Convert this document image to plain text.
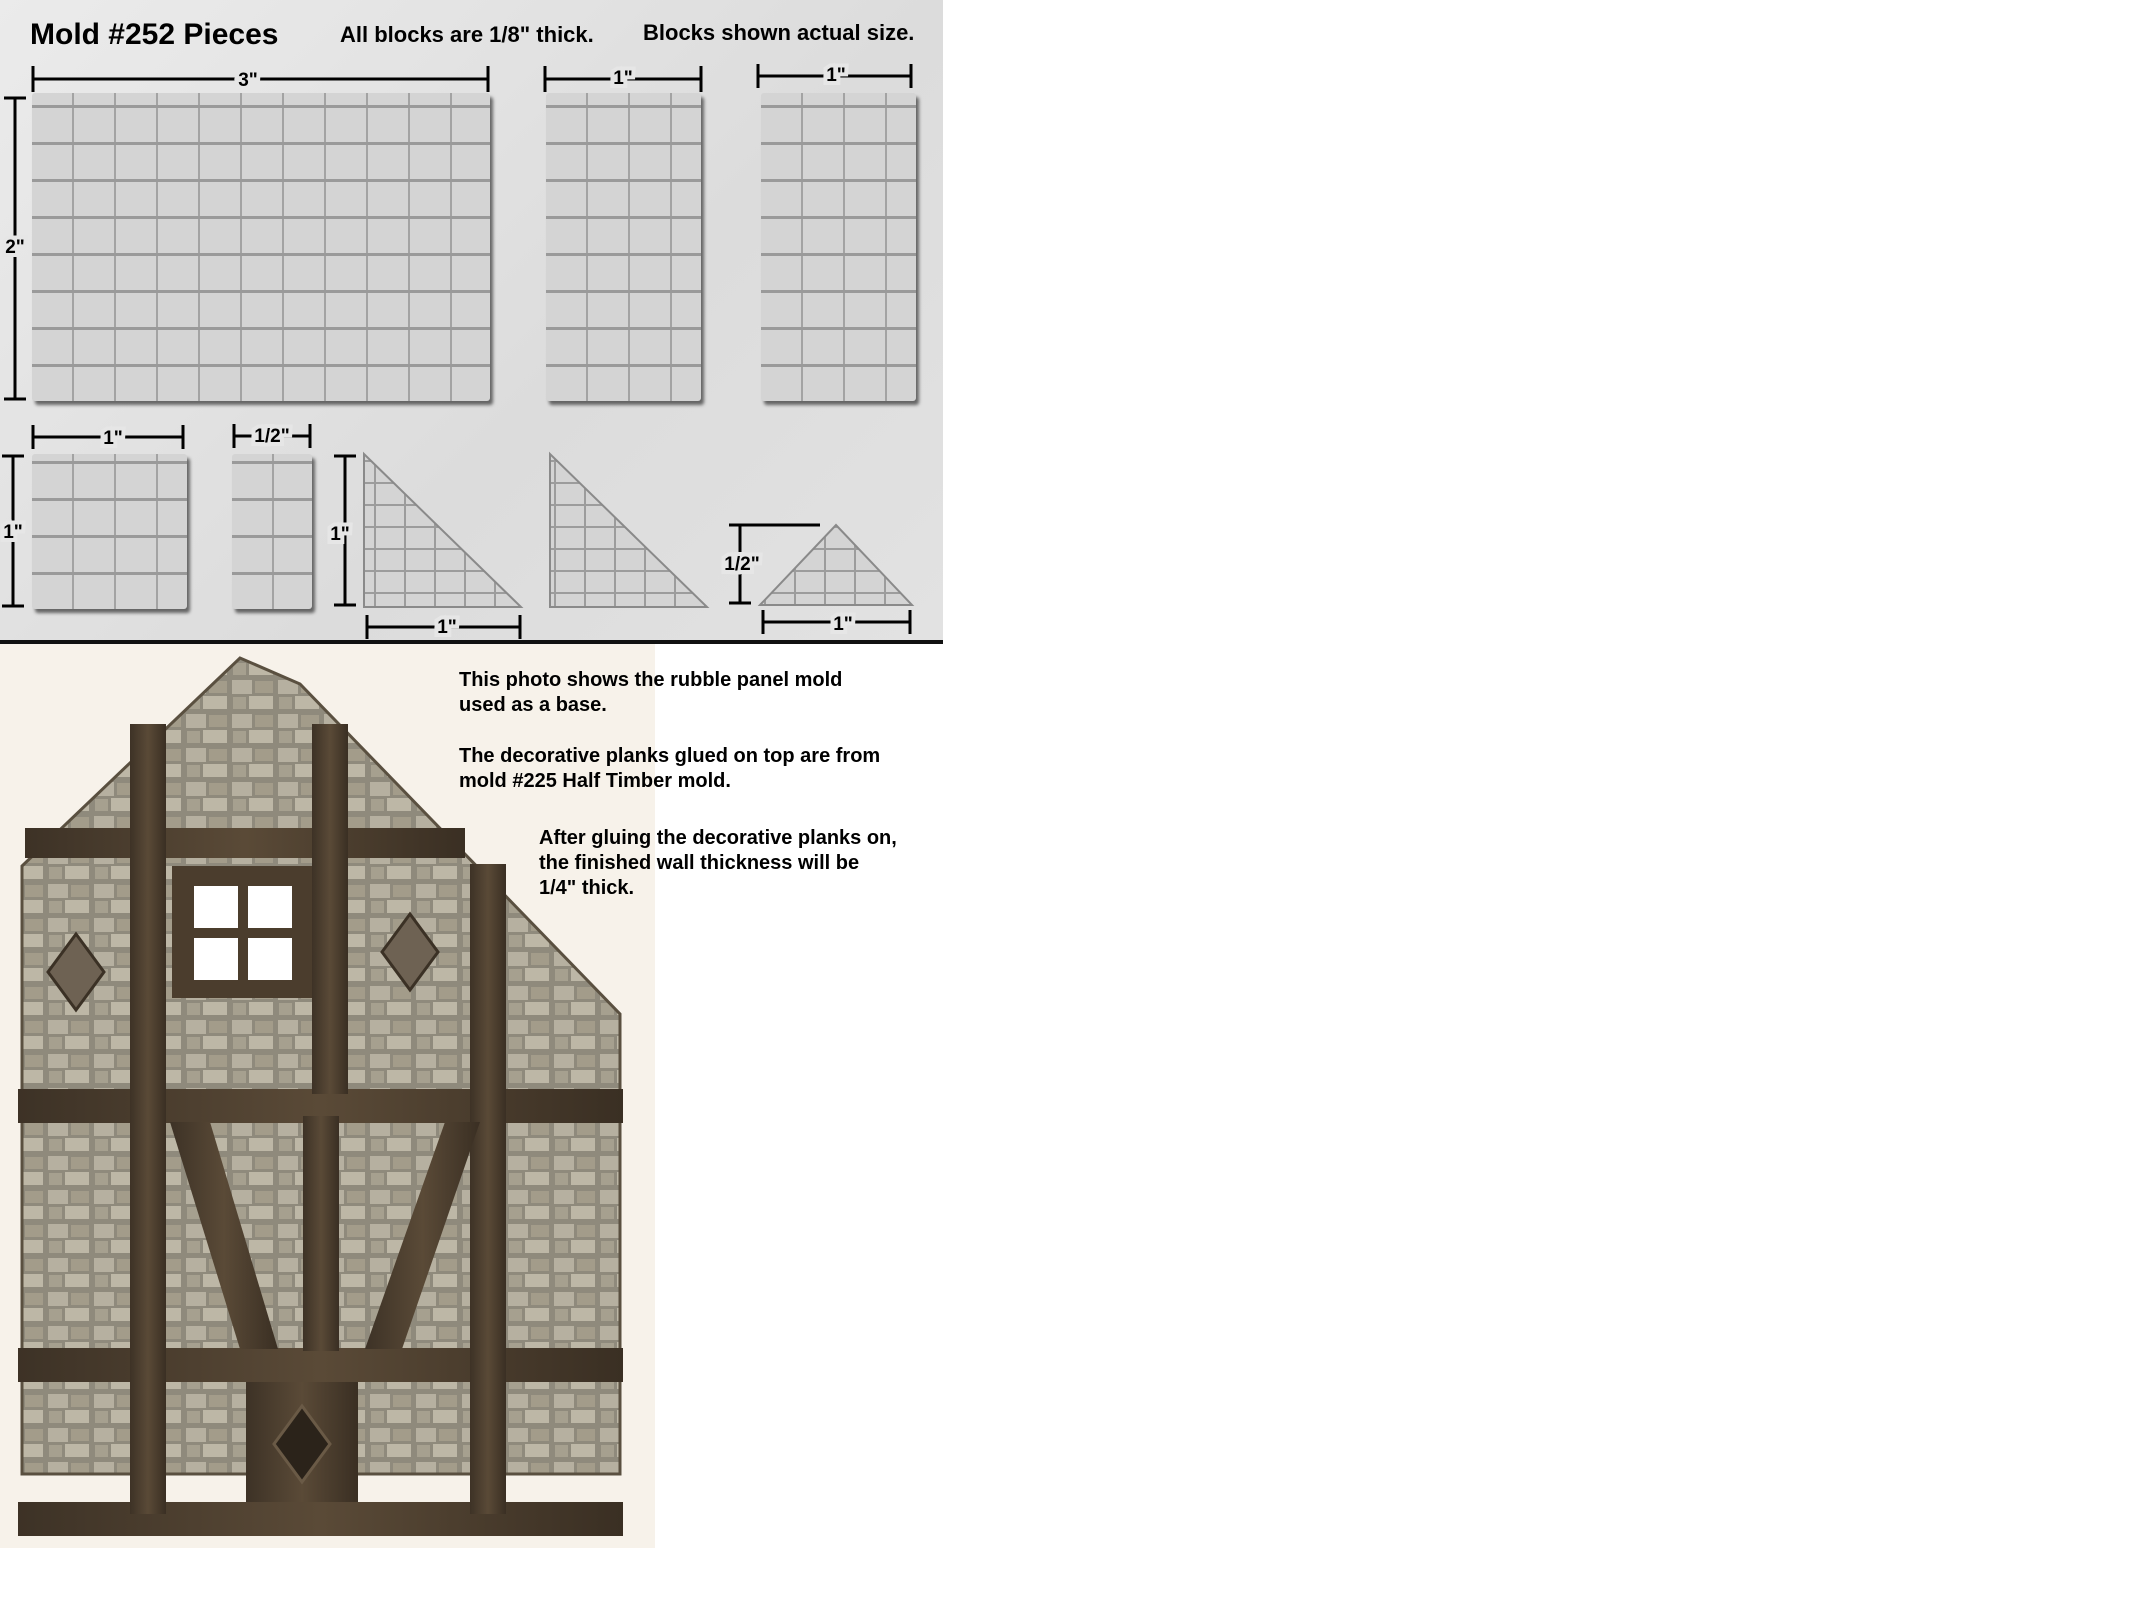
Mold #252 Pieces	All blocks are 1/8" thick. Blocks shown actual size.
3"	1"	1"
2"
1"	1/2"
1"	1"
1"
1/2"
1"
This photo shows the rubble panel mold
used as a base.
The decorative planks glued on top are from
mold #225 Half Timber mold.
After gluing the decorative planks on,
the finished wall thickness will be
1/4" thick.
